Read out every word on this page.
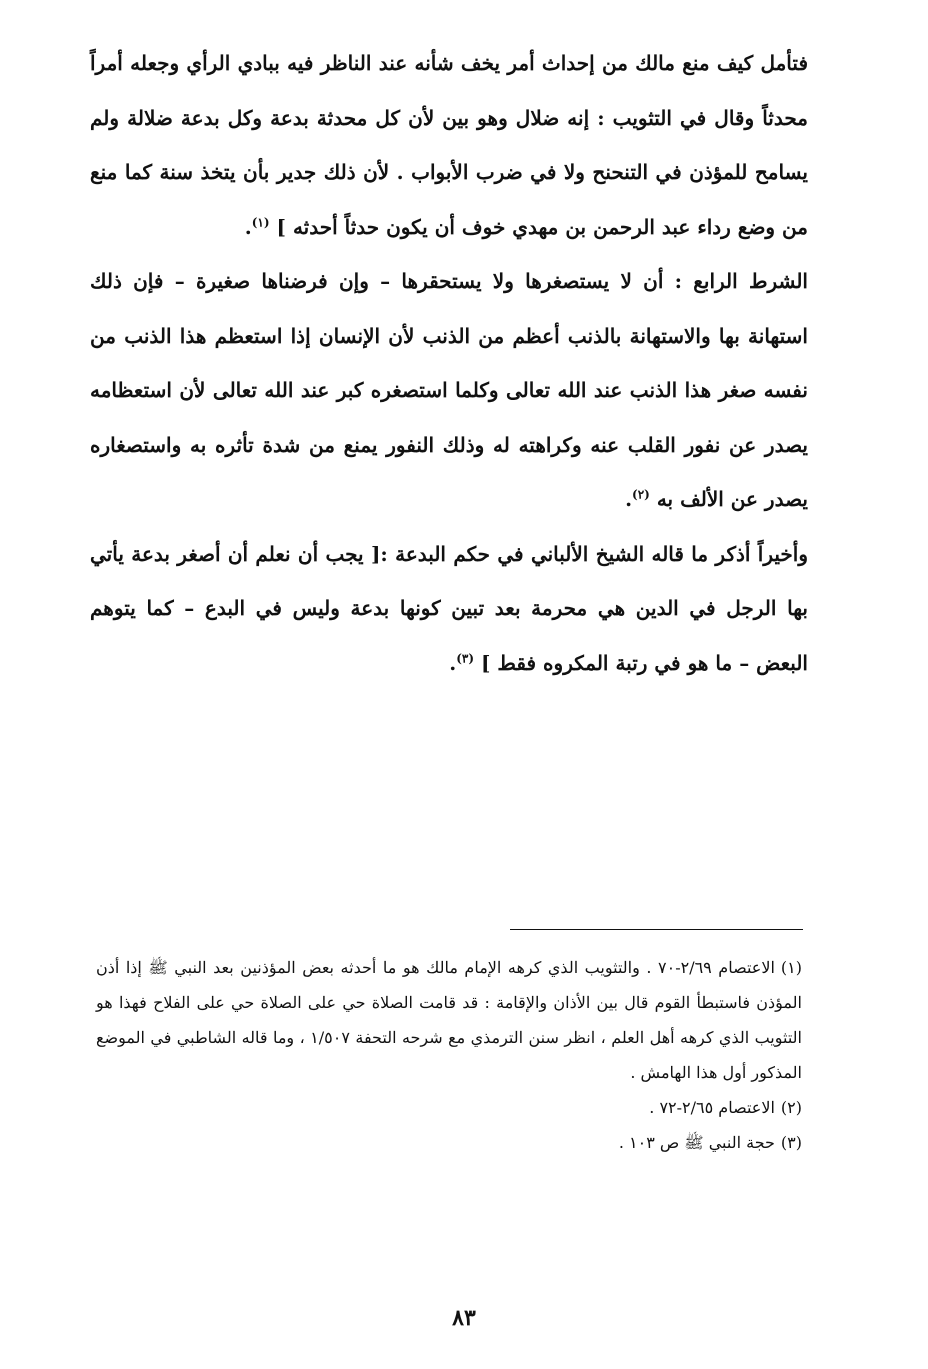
فتأمل كيف منع مالك من إحداث أمر يخف شأنه عند الناظر فيه ببادي الرأي وجعله أمراً محدثاً وقال في التثويب : إنه ضلال وهو بين لأن كل محدثة بدعة وكل بدعة ضلالة ولم يسامح للمؤذن في التنحنح ولا في ضرب الأبواب . لأن ذلك جدير بأن يتخذ سنة كما منع من وضع رداء عبد الرحمن بن مهدي خوف أن يكون حدثاً أحدثه ] $^{(١)}$.

الشرط الرابع : أن لا يستصغرها ولا يستحقرها – وإن فرضناها صغيرة – فإن ذلك استهانة بها والاستهانة بالذنب أعظم من الذنب لأن الإنسان إذا استعظم هذا الذنب من نفسه صغر هذا الذنب عند الله تعالى وكلما استصغره كبر عند الله تعالى لأن استعظامه يصدر عن نفور القلب عنه وكراهته له وذلك النفور يمنع من شدة تأثره به واستصغاره يصدر عن الألف به $^{(٢)}$.

وأخيراً أذكر ما قاله الشيخ الألباني في حكم البدعة :[ يجب أن نعلم أن أصغر بدعة يأتي بها الرجل في الدين هي محرمة بعد تبين كونها بدعة وليس في البدع – كما يتوهم البعض – ما هو في رتبة المكروه فقط ] $^{(٣)}$.

(١)الاعتصام ٢/٦٩-٧٠ . والتثويب الذي كرهه الإمام مالك هو ما أحدثه بعض المؤذنين بعد النبي ﷺ إذا أذن المؤذن فاستبطأ القوم قال بين الأذان والإقامة : قد قامت الصلاة حي على الصلاة حي على الفلاح فهذا هو التثويب الذي كرهه أهل العلم ، انظر سنن الترمذي مع شرحه التحفة ١/٥٠٧ ، وما قاله الشاطبي في الموضع المذكور أول هذا الهامش .

(٢)الاعتصام ٢/٦٥-٧٢ .

(٣)حجة النبي ﷺ ص ١٠٣ .

٨٣
